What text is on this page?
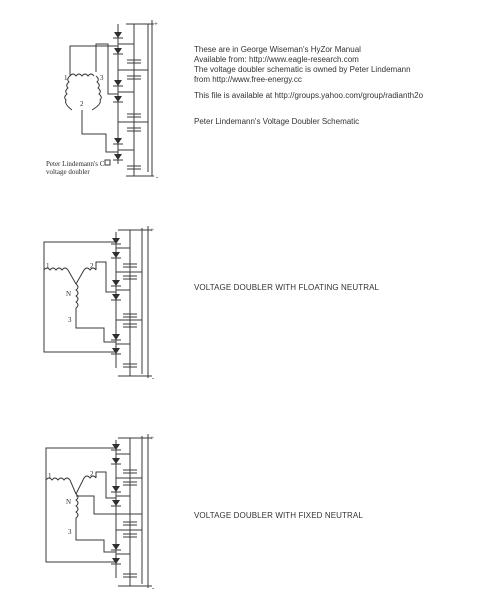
1	3
2
+
-
Peter Lindemann's C
voltage doubler
These are in George Wiseman's HyZor Manual
Available from: http://www.eagle-research.com
The voltage doubler schematic is owned by Peter Lindemann
from http://www.free-energy.cc
This file is available at http://groups.yahoo.com/group/radianth2o
Peter Lindemann's Voltage Doubler Schematic
1	2
N
3
+
-
VOLTAGE DOUBLER WITH FLOATING NEUTRAL
1	2
N
3
+
-
VOLTAGE DOUBLER WITH FIXED NEUTRAL
